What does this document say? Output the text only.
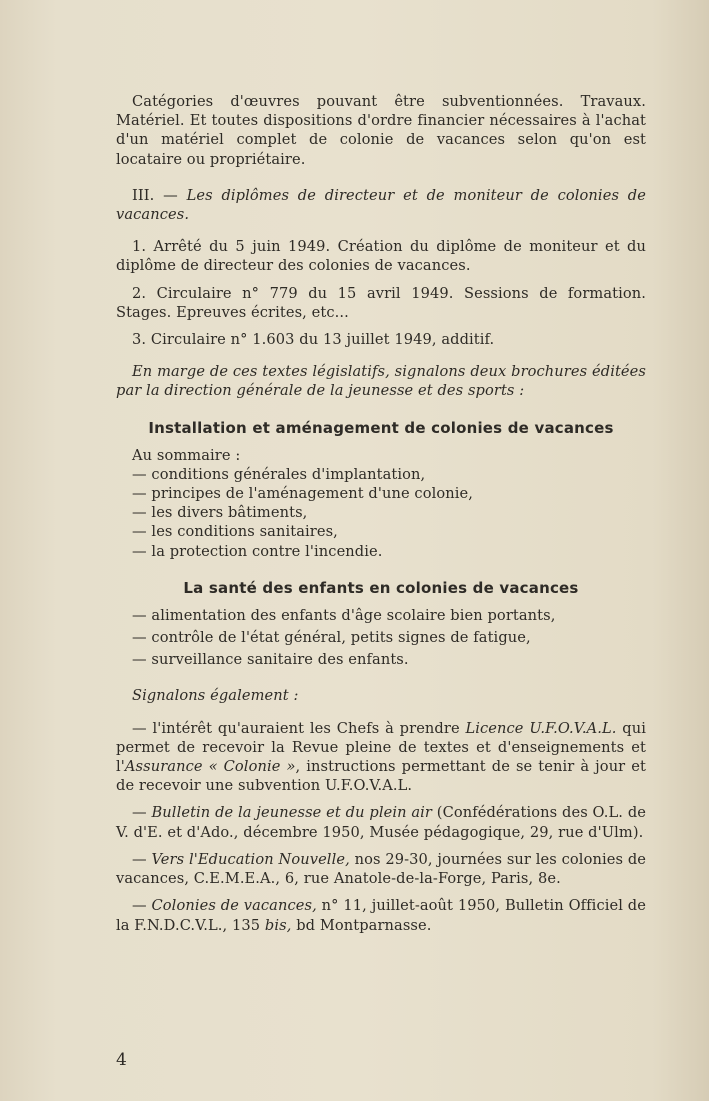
Catégories d'œuvres pouvant être subventionnées. Travaux. Matériel. Et toutes dispositions d'ordre financier nécessaires à l'achat d'un matériel complet de colonie de vacances selon qu'on est locataire ou propriétaire.

III. — Les diplômes de directeur et de moniteur de colonies de vacances.

1. Arrêté du 5 juin 1949. Création du diplôme de moniteur et du diplôme de directeur des colonies de vacances.

2. Circulaire n° 779 du 15 avril 1949. Sessions de formation. Stages. Epreuves écrites, etc...

3. Circulaire n° 1.603 du 13 juillet 1949, additif.

En marge de ces textes législatifs, signalons deux brochures éditées par la direction générale de la jeunesse et des sports :

Installation et aménagement de colonies de vacances

Au sommaire :

— conditions générales d'implantation,
— principes de l'aménagement d'une colonie,
— les divers bâtiments,
— les conditions sanitaires,
— la protection contre l'incendie.
La santé des enfants en colonies de vacances
— alimentation des enfants d'âge scolaire bien portants,
— contrôle de l'état général, petits signes de fatigue,
— surveillance sanitaire des enfants.

Signalons également :

— l'intérêt qu'auraient les Chefs à prendre Licence U.F.O.V.A.L. qui permet de recevoir la Revue pleine de textes et d'enseignements et l'Assurance « Colonie », instructions permettant de se tenir à jour et de recevoir une subvention U.F.O.V.A.L.

— Bulletin de la jeunesse et du plein air (Confédérations des O.L. de V. d'E. et d'Ado., décembre 1950, Musée pédagogique, 29, rue d'Ulm).

— Vers l'Education Nouvelle, nos 29-30, journées sur les colonies de vacances, C.E.M.E.A., 6, rue Anatole-de-la-Forge, Paris, 8e.

— Colonies de vacances, n° 11, juillet-août 1950, Bulletin Officiel de la F.N.D.C.V.L., 135 bis, bd Montparnasse.

4
